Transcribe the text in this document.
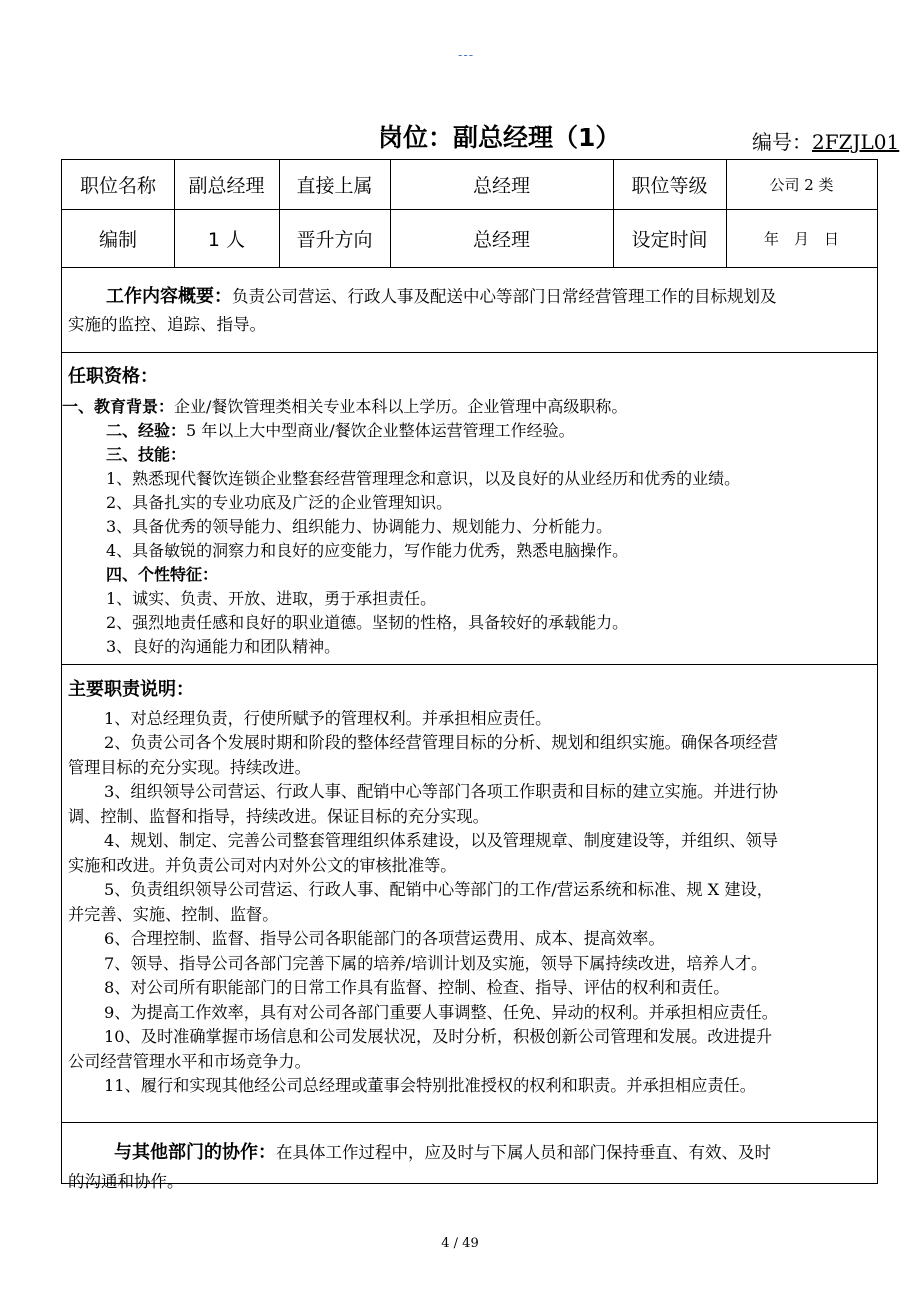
---
岗位：副总经理（1）	编号：2FZJL01
职位名称	副总经理	直接上属	总经理	职位等级	公司 2 类
编制	1 人	晋升方向	总经理	设定时间	年　月　日
工作内容概要：负责公司营运、行政人事及配送中心等部门日常经营管理工作的目标规划及
实施的监控、追踪、指导。
任职资格：
一、教育背景：企业/餐饮管理类相关专业本科以上学历。企业管理中高级职称。
二、经验：5 年以上大中型商业/餐饮企业整体运营管理工作经验。
三、技能：
1、熟悉现代餐饮连锁企业整套经营管理理念和意识，以及良好的从业经历和优秀的业绩。
2、具备扎实的专业功底及广泛的企业管理知识。
3、具备优秀的领导能力、组织能力、协调能力、规划能力、分析能力。
4、具备敏锐的洞察力和良好的应变能力，写作能力优秀，熟悉电脑操作。
四、个性特征：
1、诚实、负责、开放、进取，勇于承担责任。
2、强烈地责任感和良好的职业道德。坚韧的性格，具备较好的承载能力。
3、良好的沟通能力和团队精神。
主要职责说明：
1、对总经理负责，行使所赋予的管理权利。并承担相应责任。
2、负责公司各个发展时期和阶段的整体经营管理目标的分析、规划和组织实施。确保各项经营
管理目标的充分实现。持续改进。
3、组织领导公司营运、行政人事、配销中心等部门各项工作职责和目标的建立实施。并进行协
调、控制、监督和指导，持续改进。保证目标的充分实现。
4、规划、制定、完善公司整套管理组织体系建设，以及管理规章、制度建设等，并组织、领导
实施和改进。并负责公司对内对外公文的审核批准等。
5、负责组织领导公司营运、行政人事、配销中心等部门的工作/营运系统和标准、规 X 建设，
并完善、实施、控制、监督。
6、合理控制、监督、指导公司各职能部门的各项营运费用、成本、提高效率。
7、领导、指导公司各部门完善下属的培养/培训计划及实施，领导下属持续改进，培养人才。
8、对公司所有职能部门的日常工作具有监督、控制、检查、指导、评估的权利和责任。
9、为提高工作效率，具有对公司各部门重要人事调整、任免、异动的权利。并承担相应责任。
10、及时准确掌握市场信息和公司发展状况，及时分析，积极创新公司管理和发展。改进提升
公司经营管理水平和市场竞争力。
11、履行和实现其他经公司总经理或董事会特别批准授权的权利和职责。并承担相应责任。
与其他部门的协作：在具体工作过程中，应及时与下属人员和部门保持垂直、有效、及时
的沟通和协作。
4 / 49
